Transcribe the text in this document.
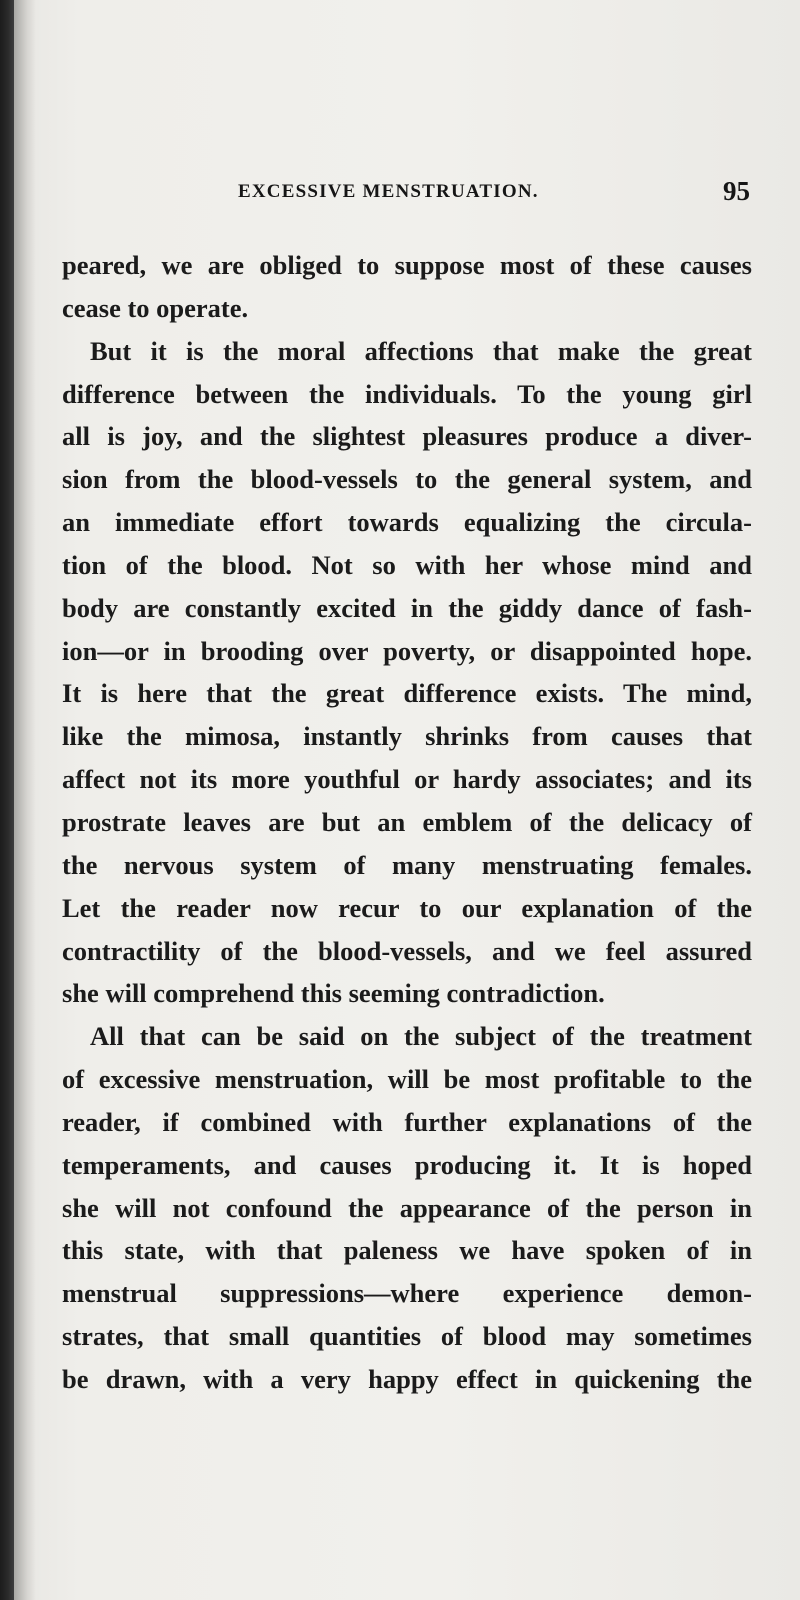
EXCESSIVE MENSTRUATION.	95
peared, we are obliged to suppose most of these causes
cease to operate.
But it is the moral affections that make the great
difference between the individuals. To the young girl
all is joy, and the slightest pleasures produce a diver-
sion from the blood-vessels to the general system, and
an immediate effort towards equalizing the circula-
tion of the blood. Not so with her whose mind and
body are constantly excited in the giddy dance of fash-
ion—or in brooding over poverty, or disappointed hope.
It is here that the great difference exists. The mind,
like the mimosa, instantly shrinks from causes that
affect not its more youthful or hardy associates; and its
prostrate leaves are but an emblem of the delicacy of
the nervous system of many menstruating females.
Let the reader now recur to our explanation of the
contractility of the blood-vessels, and we feel assured
she will comprehend this seeming contradiction.
All that can be said on the subject of the treatment
of excessive menstruation, will be most profitable to the
reader, if combined with further explanations of the
temperaments, and causes producing it. It is hoped
she will not confound the appearance of the person in
this state, with that paleness we have spoken of in
menstrual suppressions—where experience demon-
strates, that small quantities of blood may sometimes
be drawn, with a very happy effect in quickening the
